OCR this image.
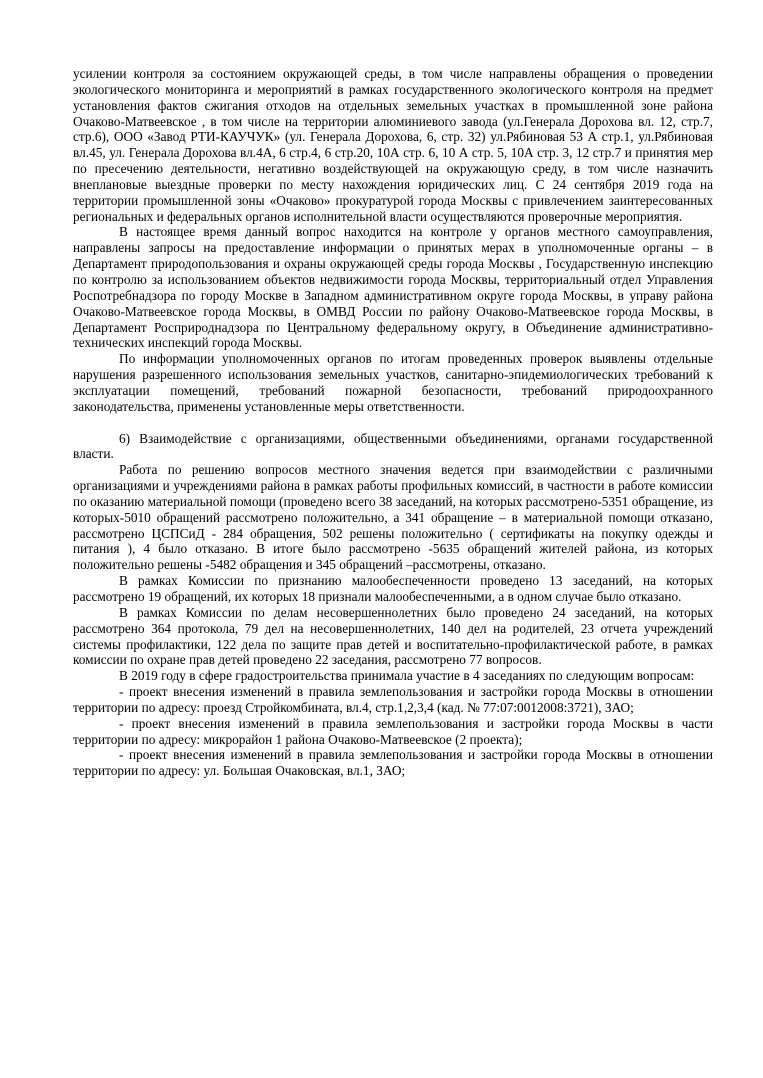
усилении контроля за состоянием окружающей среды, в том числе направлены обращения о проведении экологического мониторинга и мероприятий в рамках государственного экологического контроля на предмет установления фактов сжигания отходов на отдельных земельных участках в промышленной зоне района Очаково-Матвеевское , в том числе на территории алюминиевого завода (ул.Генерала Дорохова вл. 12, стр.7, стр.6), ООО «Завод РТИ-КАУЧУК» (ул. Генерала Дорохова, 6, стр. 32) ул.Рябиновая 53 А стр.1, ул.Рябиновая вл.45, ул. Генерала Дорохова вл.4А, 6 стр.4, 6 стр.20, 10А стр. 6, 10 А стр. 5, 10А стр. 3, 12 стр.7 и принятия мер по пресечению деятельности, негативно воздействующей на окружающую среду, в том числе назначить внеплановые выездные проверки по месту нахождения юридических лиц. С 24 сентября 2019 года на территории промышленной зоны «Очаково» прокуратурой города Москвы с привлечением заинтересованных региональных и федеральных органов исполнительной власти осуществляются проверочные мероприятия.

В настоящее время данный вопрос находится на контроле у органов местного самоуправления, направлены запросы на предоставление информации о принятых мерах в уполномоченные органы – в Департамент природопользования и охраны окружающей среды города Москвы , Государственную инспекцию по контролю за использованием объектов недвижимости города Москвы, территориальный отдел Управления Роспотребнадзора по городу Москве в Западном административном округе города Москвы, в управу района Очаково-Матвеевское города Москвы, в ОМВД России по району Очаково-Матвеевское города Москвы, в Департамент Росприроднадзора по Центральному федеральному округу, в Объединение административно-технических инспекций города Москвы.

По информации уполномоченных органов по итогам проведенных проверок выявлены отдельные нарушения разрешенного использования земельных участков, санитарно-эпидемиологических требований к эксплуатации помещений, требований пожарной безопасности, требований природоохранного законодательства, применены установленные меры ответственности.

6) Взаимодействие с организациями, общественными объединениями, органами государственной власти.

Работа по решению вопросов местного значения ведется при взаимодействии с различными организациями и учреждениями района в рамках работы профильных комиссий, в частности в работе комиссии по оказанию материальной помощи (проведено всего 38 заседаний, на которых рассмотрено-5351 обращение, из которых-5010 обращений рассмотрено положительно, а 341 обращение – в материальной помощи отказано, рассмотрено ЦСПСиД - 284 обращения, 502 решены положительно ( сертификаты на покупку одежды и питания ), 4 было отказано. В итоге было рассмотрено -5635 обращений жителей района, из которых положительно решены -5482 обращения и 345 обращений –рассмотрены, отказано.

В рамках Комиссии по признанию малообеспеченности проведено 13 заседаний, на которых рассмотрено 19 обращений, их которых 18 признали малообеспеченными, а в одном случае было отказано.

В рамках Комиссии по делам несовершеннолетних было проведено 24 заседаний, на которых рассмотрено 364 протокола, 79 дел на несовершеннолетних, 140 дел на родителей, 23 отчета учреждений системы профилактики, 122 дела по защите прав детей и воспитательно-профилактической работе, в рамках комиссии по охране прав детей проведено 22 заседания, рассмотрено 77 вопросов.

В 2019 году в сфере градостроительства принимала участие в 4 заседаниях по следующим вопросам:

- проект внесения изменений в правила землепользования и застройки города Москвы в отношении территории по адресу: проезд Стройкомбината, вл.4, стр.1,2,3,4 (кад. № 77:07:0012008:3721), ЗАО;

- проект внесения изменений в правила землепользования и застройки города Москвы в части территории по адресу: микрорайон 1 района Очаково-Матвеевское (2 проекта);

- проект внесения изменений в правила землепользования и застройки города Москвы в отношении территории по адресу: ул. Большая Очаковская, вл.1, ЗАО;
